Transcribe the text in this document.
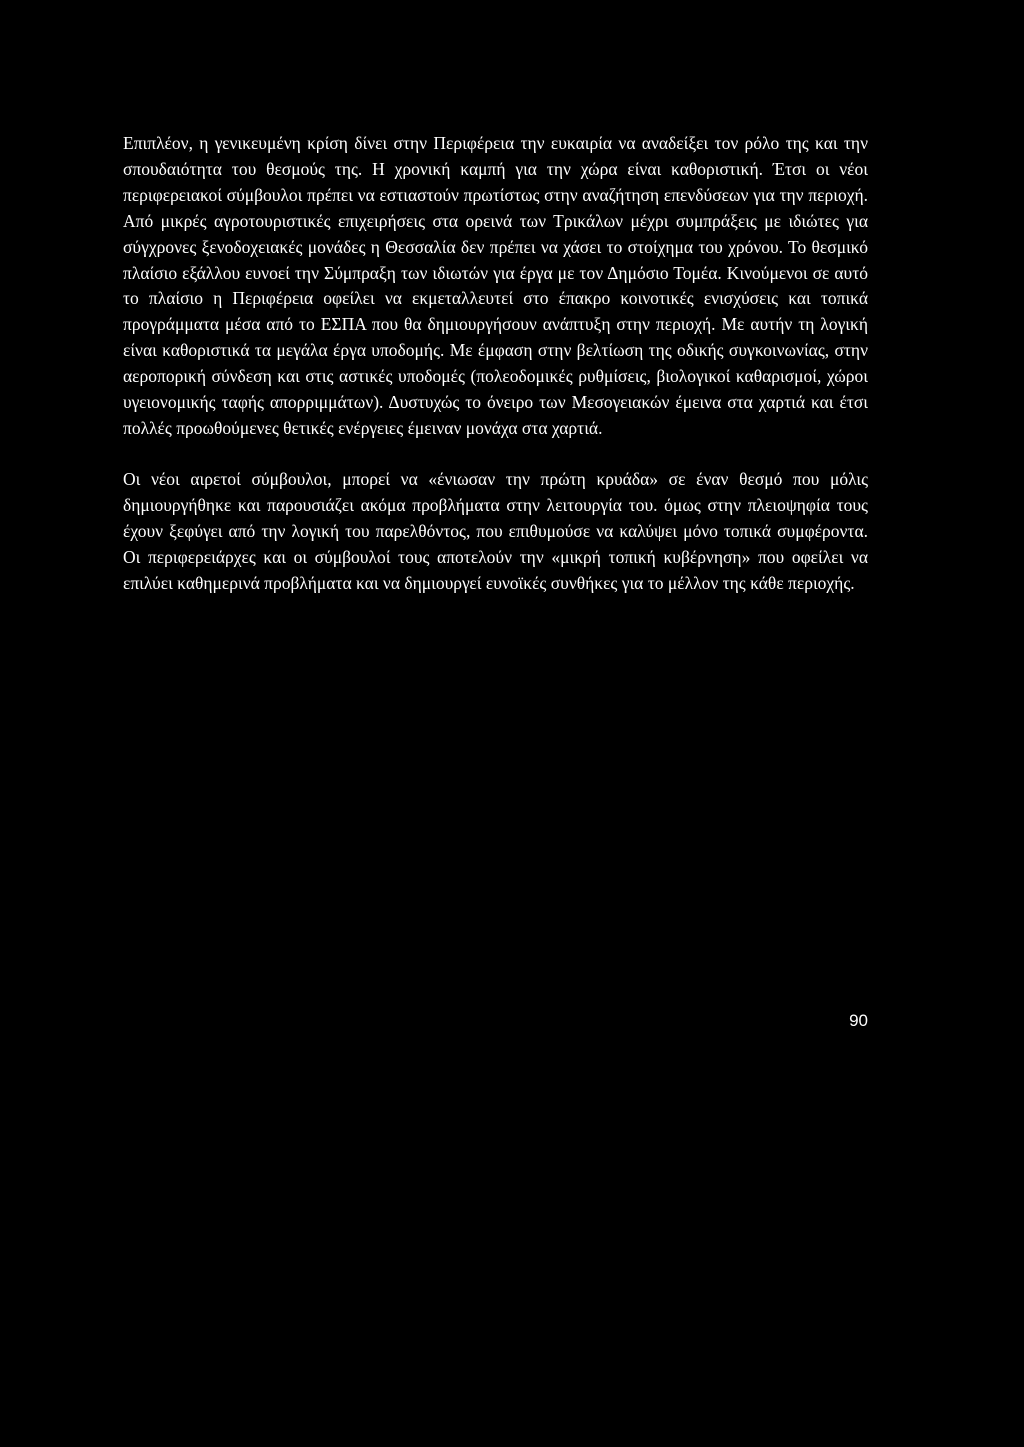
Επιπλέον, η γενικευμένη κρίση δίνει στην Περιφέρεια την ευκαιρία να αναδείξει τον ρόλο της και την σπουδαιότητα του θεσμούς της. Η χρονική καμπή για την χώρα είναι καθοριστική. Έτσι οι νέοι περιφερειακοί σύμβουλοι πρέπει να εστιαστούν πρωτίστως στην αναζήτηση επενδύσεων για την περιοχή. Από μικρές αγροτουριστικές επιχειρήσεις στα ορεινά των Τρικάλων μέχρι συμπράξεις με ιδιώτες για σύγχρονες ξενοδοχειακές μονάδες η Θεσσαλία δεν πρέπει να χάσει το στοίχημα του χρόνου. Το θεσμικό πλαίσιο εξάλλου ευνοεί την Σύμπραξη των ιδιωτών για έργα με τον Δημόσιο Τομέα. Κινούμενοι σε αυτό το πλαίσιο η Περιφέρεια οφείλει να εκμεταλλευτεί στο έπακρο κοινοτικές ενισχύσεις και τοπικά προγράμματα μέσα από το ΕΣΠΑ που θα δημιουργήσουν ανάπτυξη στην περιοχή. Με αυτήν τη λογική είναι καθοριστικά τα μεγάλα έργα υποδομής. Με έμφαση στην βελτίωση της οδικής συγκοινωνίας, στην αεροπορική σύνδεση και στις αστικές υποδομές (πολεοδομικές ρυθμίσεις, βιολογικοί καθαρισμοί, χώροι υγειονομικής ταφής απορριμμάτων). Δυστυχώς το όνειρο των Μεσογειακών έμεινα στα χαρτιά και έτσι πολλές προωθούμενες θετικές ενέργειες έμειναν μονάχα στα χαρτιά.

Οι νέοι αιρετοί σύμβουλοι, μπορεί να «ένιωσαν την πρώτη κρυάδα» σε έναν θεσμό που μόλις δημιουργήθηκε και παρουσιάζει ακόμα προβλήματα στην λειτουργία του. όμως στην πλειοψηφία τους έχουν ξεφύγει από την λογική του παρελθόντος, που επιθυμούσε να καλύψει μόνο τοπικά συμφέροντα. Οι περιφερειάρχες και οι σύμβουλοί τους αποτελούν την «μικρή τοπική κυβέρνηση» που οφείλει να επιλύει καθημερινά προβλήματα και να δημιουργεί ευνοϊκές συνθήκες για το μέλλον της κάθε περιοχής.

90
